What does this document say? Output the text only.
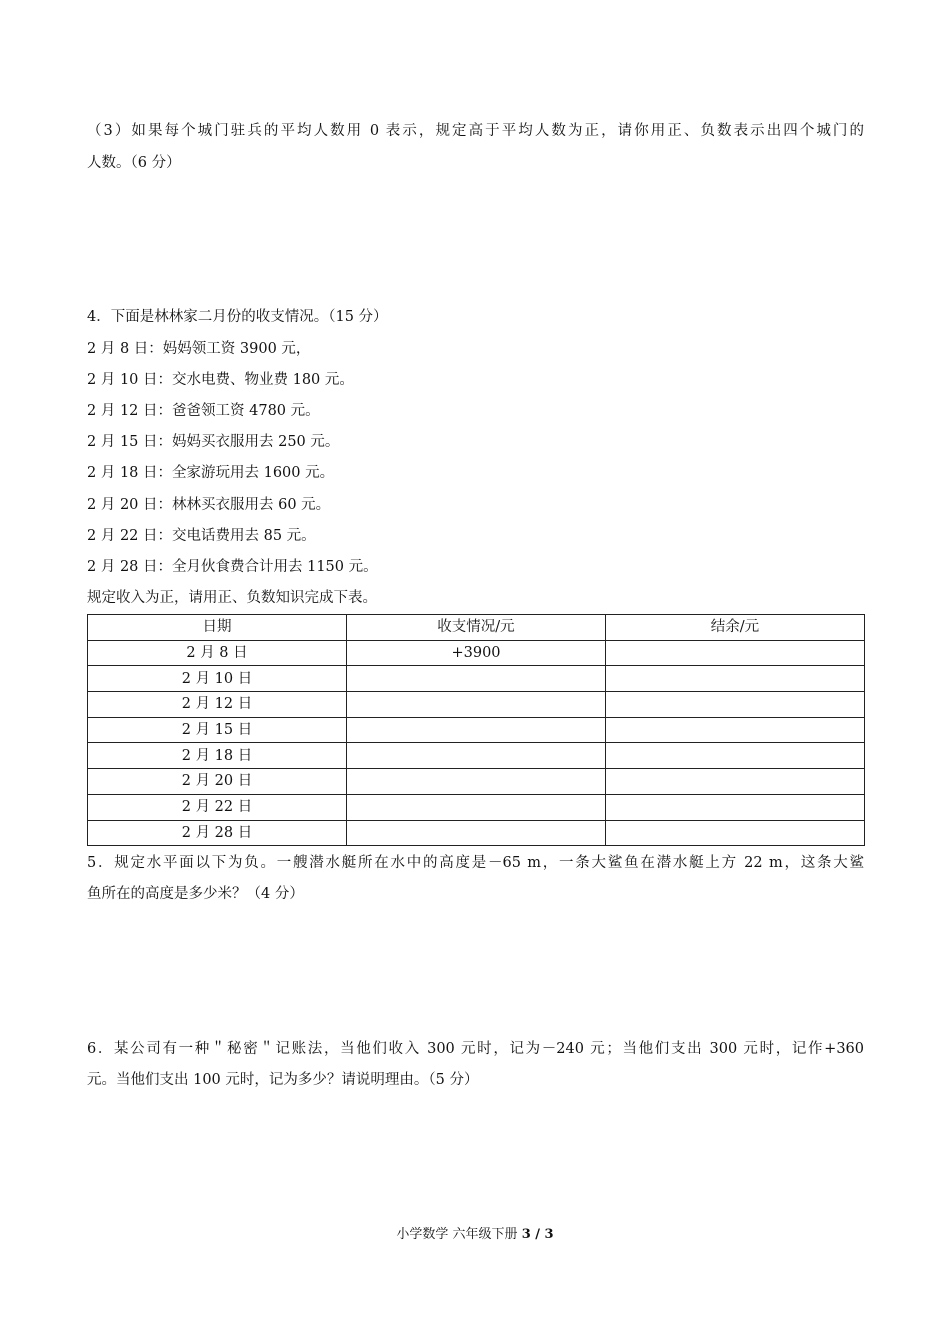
（3）如果每个城门驻兵的平均人数用 0 表示，规定高于平均人数为正，请你用正、负数表示出四个城门的
人数。（6 分）
4．下面是林林家二月份的收支情况。（15 分）
2 月 8 日：妈妈领工资 3900 元，
2 月 10 日：交水电费、物业费 180 元。
2 月 12 日：爸爸领工资 4780 元。
2 月 15 日：妈妈买衣服用去 250 元。
2 月 18 日：全家游玩用去 1600 元。
2 月 20 日：林林买衣服用去 60 元。
2 月 22 日：交电话费用去 85 元。
2 月 28 日：全月伙食费合计用去 1150 元。
规定收入为正，请用正、负数知识完成下表。
日期	收支情况/元	结余/元
2 月 8 日	+3900	
2 月 10 日		
2 月 12 日		
2 月 15 日		
2 月 18 日		
2 月 20 日		
2 月 22 日		
2 月 28 日		
5．规定水平面以下为负。一艘潜水艇所在水中的高度是－65 m，一条大鲨鱼在潜水艇上方 22 m，这条大鲨
鱼所在的高度是多少米？（4 分）
6．某公司有一种＂秘密＂记账法，当他们收入 300 元时，记为－240 元；当他们支出 300 元时，记作+360
元。当他们支出 100 元时，记为多少？请说明理由。（5 分）
小学数学 六年级下册 3 / 3
